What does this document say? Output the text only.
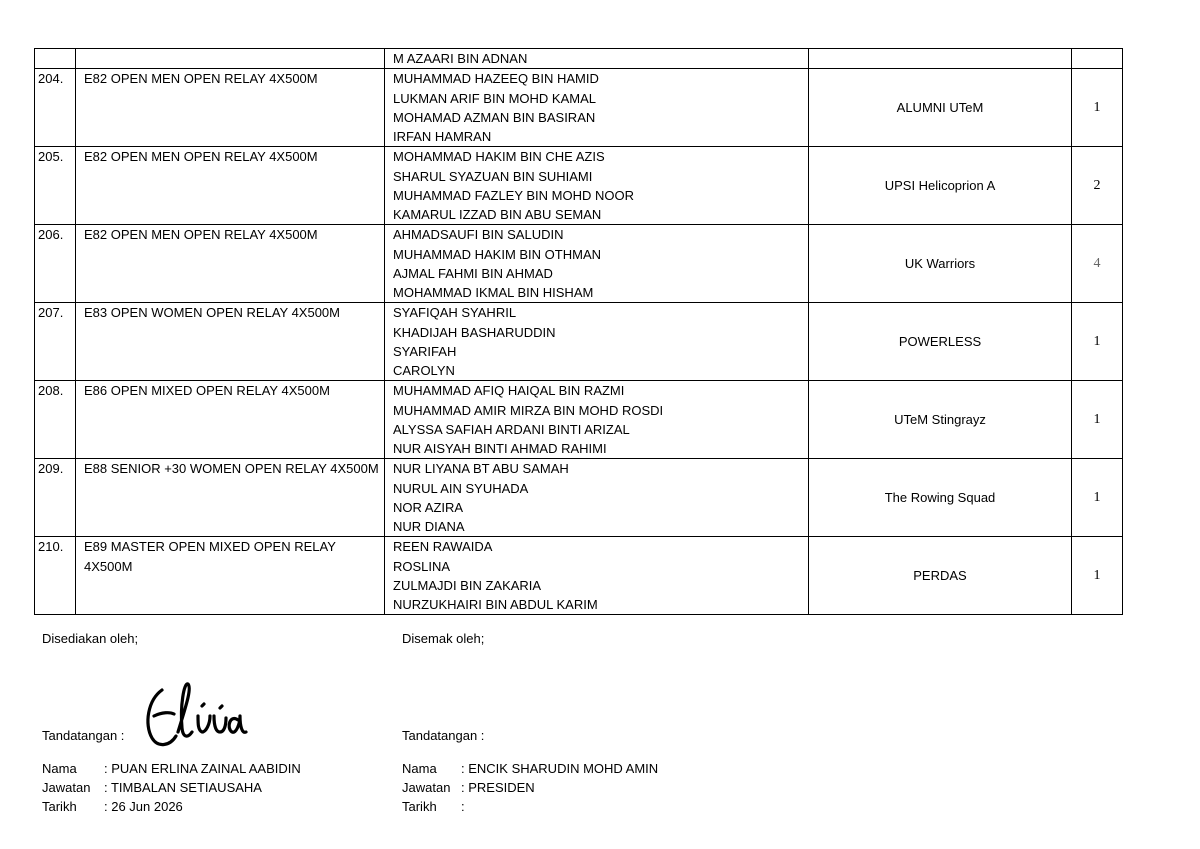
		M AZAARI BIN ADNAN		

204.	E82 OPEN MEN OPEN RELAY 4X500M	MUHAMMAD HAZEEQ BIN HAMID
LUKMAN ARIF BIN MOHD KAMAL
MOHAMAD AZMAN BIN BASIRAN
IRFAN HAMRAN	ALUMNI UTeM	1
205.	E82 OPEN MEN OPEN RELAY 4X500M	MOHAMMAD HAKIM BIN CHE AZIS
SHARUL SYAZUAN BIN SUHIAMI
MUHAMMAD FAZLEY BIN MOHD NOOR
KAMARUL IZZAD BIN ABU SEMAN	UPSI Helicoprion A	2
206.	E82 OPEN MEN OPEN RELAY 4X500M	AHMADSAUFI BIN SALUDIN
MUHAMMAD HAKIM BIN OTHMAN
AJMAL FAHMI BIN AHMAD
MOHAMMAD IKMAL BIN HISHAM	UK Warriors	4
207.	E83 OPEN WOMEN OPEN RELAY 4X500M	SYAFIQAH SYAHRIL
KHADIJAH BASHARUDDIN
SYARIFAH
CAROLYN	POWERLESS	1
208.	E86 OPEN MIXED OPEN RELAY 4X500M	MUHAMMAD AFIQ HAIQAL BIN RAZMI
MUHAMMAD AMIR MIRZA BIN MOHD ROSDI
ALYSSA SAFIAH ARDANI BINTI ARIZAL
NUR AISYAH BINTI AHMAD RAHIMI	UTeM Stingrayz	1
209.	E88 SENIOR +30 WOMEN OPEN RELAY 4X500M	NUR LIYANA BT ABU SAMAH
NURUL AIN SYUHADA
NOR AZIRA
NUR DIANA	The Rowing Squad	1
210.	E89 MASTER OPEN MIXED OPEN RELAY 4X500M	REEN RAWAIDA
ROSLINA
ZULMAJDI BIN ZAKARIA
NURZUKHAIRI BIN ABDUL KARIM	PERDAS	1
Disediakan oleh;	Disemak oleh;
Tandatangan :	Tandatangan :
Nama : PUAN ERLINA ZAINAL AABIDIN
Jawatan : TIMBALAN SETIAUSAHA
Tarikh : 26 Jun 2026
Nama : ENCIK SHARUDIN MOHD AMIN
Jawatan : PRESIDEN
Tarikh :
